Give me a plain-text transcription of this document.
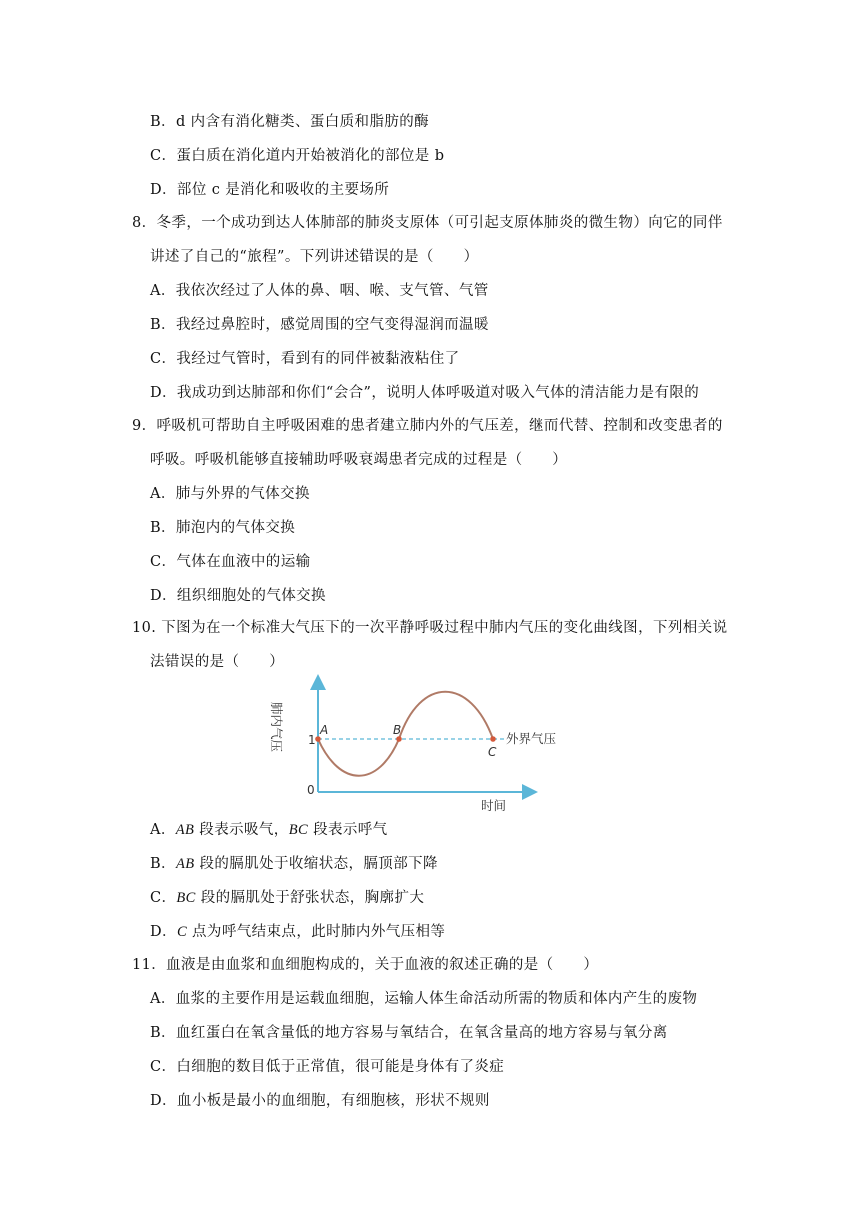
B．d 内含有消化糖类、蛋白质和脂肪的酶
C．蛋白质在消化道内开始被消化的部位是 b
D．部位 c 是消化和吸收的主要场所
8．冬季，一个成功到达人体肺部的肺炎支原体（可引起支原体肺炎的微生物）向它的同伴
讲述了自己的“旅程”。下列讲述错误的是（　　）
A．我依次经过了人体的鼻、咽、喉、支气管、气管
B．我经过鼻腔时，感觉周围的空气变得湿润而温暖
C．我经过气管时，看到有的同伴被黏液粘住了
D．我成功到达肺部和你们“会合”，说明人体呼吸道对吸入气体的清洁能力是有限的
9．呼吸机可帮助自主呼吸困难的患者建立肺内外的气压差，继而代替、控制和改变患者的
呼吸。呼吸机能够直接辅助呼吸衰竭患者完成的过程是（　　）
A．肺与外界的气体交换
B．肺泡内的气体交换
C．气体在血液中的运输
D．组织细胞处的气体交换
10. 下图为在一个标准大气压下的一次平静呼吸过程中肺内气压的变化曲线图，下列相关说
法错误的是（　　）
肺内气压
时间
0
1
A	B
C
外界气压
A．AB 段表示吸气，BC 段表示呼气
B．AB 段的膈肌处于收缩状态，膈顶部下降
C．BC 段的膈肌处于舒张状态，胸廓扩大
D．C 点为呼气结束点，此时肺内外气压相等
11．血液是由血浆和血细胞构成的，关于血液的叙述正确的是（　　）
A．血浆的主要作用是运载血细胞，运输人体生命活动所需的物质和体内产生的废物
B．血红蛋白在氧含量低的地方容易与氧结合，在氧含量高的地方容易与氧分离
C．白细胞的数目低于正常值，很可能是身体有了炎症
D．血小板是最小的血细胞，有细胞核，形状不规则
